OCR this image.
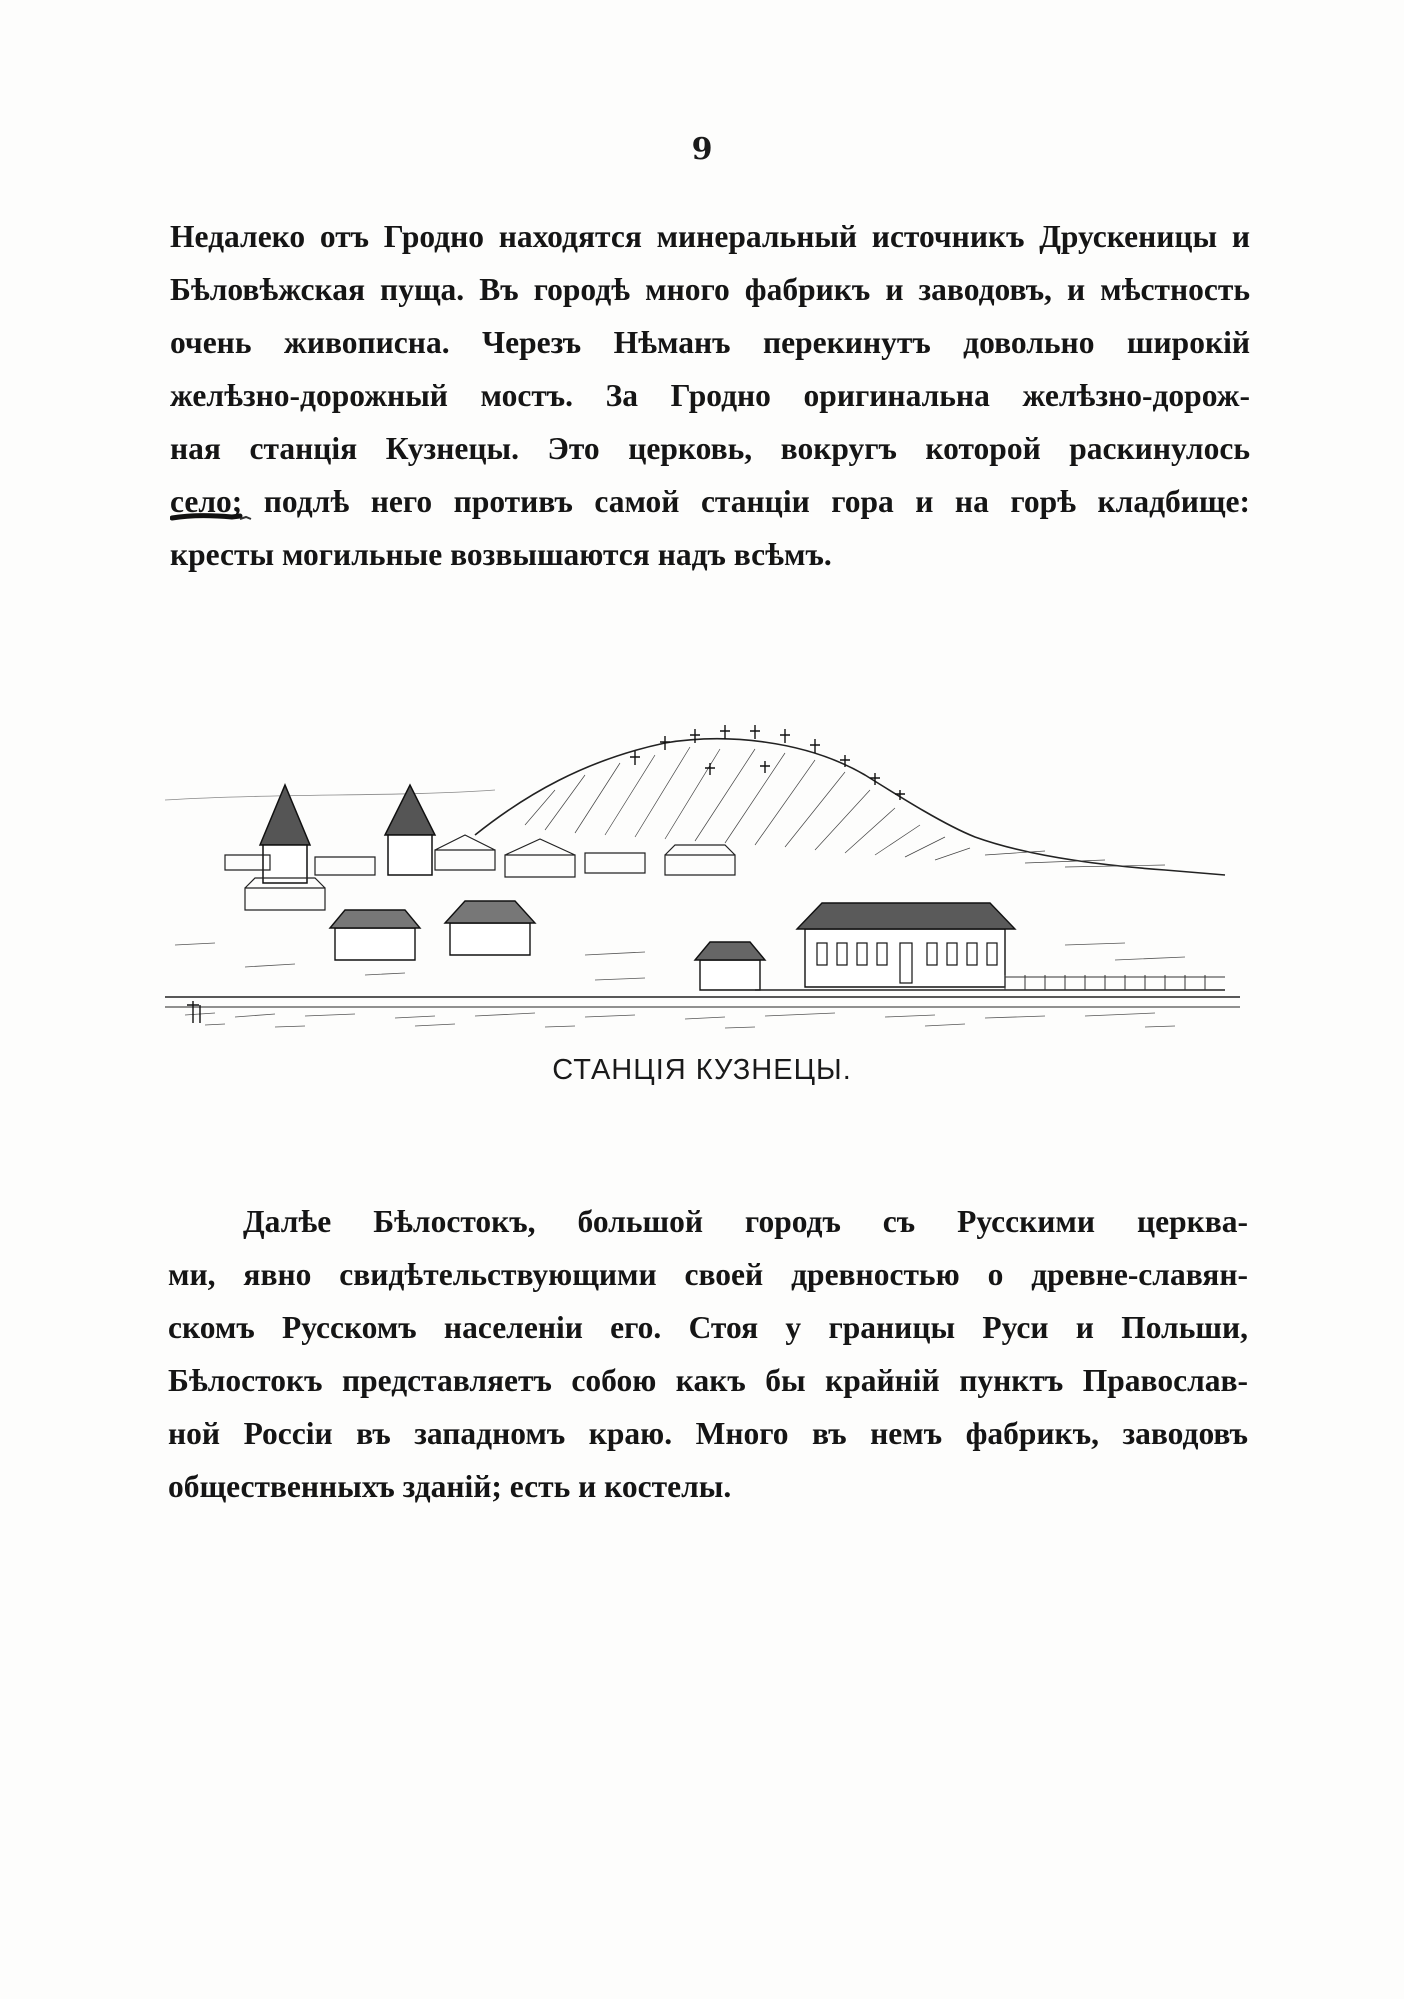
9
Недалеко отъ Гродно находятся минеральный источникъ Друскеницы и
Бѣловѣжская пуща. Въ городѣ много фабрикъ и заводовъ, и мѣстность
очень живописна. Черезъ Нѣманъ перекинутъ довольно широкій
желѣзно-дорожный мостъ. За Гродно оригинальна желѣзно-дорож-
ная станція Кузнецы. Это церковь, вокругъ которой раскинулось
село; подлѣ него противъ самой станціи гора и на горѣ кладбище:
кресты могильные возвышаются надъ всѣмъ.
СТАНЦІЯ КУЗНЕЦЫ.
Далѣе Бѣлостокъ, большой городъ съ Русскими церква-
ми, явно свидѣтельствующими своей древностью о древне-славян-
скомъ Русскомъ населеніи его. Стоя у границы Руси и Польши,
Бѣлостокъ представляетъ собою какъ бы крайній пунктъ Православ-
ной Россіи въ западномъ краю. Много въ немъ фабрикъ, заводовъ
общественныхъ зданій; есть и костелы.
